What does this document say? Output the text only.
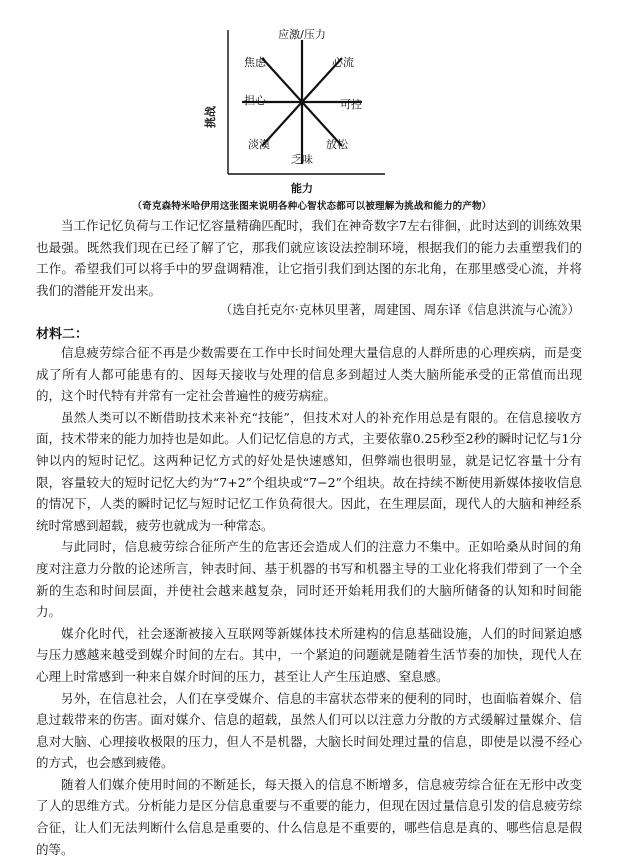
应激/压力
焦虑	心流
担心	可控
淡漠	放松
乏味
挑战
能力
（奇克森特米哈伊用这张图来说明各种心智状态都可以被理解为挑战和能力的产物）

当工作记忆负荷与工作记忆容量精确匹配时，我们在神奇数字7左右徘徊，此时达到的训练效果也最强。既然我们现在已经了解了它，那我们就应该设法控制环境，根据我们的能力去重塑我们的工作。希望我们可以将手中的罗盘调精准，让它指引我们到达图的东北角，在那里感受心流，并将我们的潜能开发出来。

（选自托克尔·克林贝里著，周建国、周东译《信息洪流与心流》）
材料二：

信息疲劳综合征不再是少数需要在工作中长时间处理大量信息的人群所患的心理疾病，而是变成了所有人都可能患有的、因每天接收与处理的信息多到超过人类大脑所能承受的正常值而出现的，这个时代特有并常有一定社会普遍性的疲劳病症。

虽然人类可以不断借助技术来补充“技能”，但技术对人的补充作用总是有限的。在信息接收方面，技术带来的能力加持也是如此。人们记忆信息的方式，主要依靠0.25秒至2秒的瞬时记忆与1分钟以内的短时记忆。这两种记忆方式的好处是快速感知，但弊端也很明显，就是记忆容量十分有限，容量较大的短时记忆大约为“7+2”个组块或“7−2”个组块。故在持续不断使用新媒体接收信息的情况下，人类的瞬时记忆与短时记忆工作负荷很大。因此，在生理层面，现代人的大脑和神经系统时常感到超载，疲劳也就成为一种常态。

与此同时，信息疲劳综合征所产生的危害还会造成人们的注意力不集中。正如哈桑从时间的角度对注意力分散的论述所言，钟表时间、基于机器的书写和机器主导的工业化将我们带到了一个全新的生态和时间层面，并使社会越来越复杂，同时还开始耗用我们的大脑所储备的认知和时间能力。

媒介化时代，社会逐渐被接入互联网等新媒体技术所建构的信息基础设施，人们的时间紧迫感与压力感越来越受到媒介时间的左右。其中，一个紧迫的问题就是随着生活节奏的加快，现代人在心理上时常感到一种来自媒介时间的压力，甚至让人产生压迫感、窒息感。

另外，在信息社会，人们在享受媒介、信息的丰富状态带来的便利的同时，也面临着媒介、信息过载带来的伤害。面对媒介、信息的超载，虽然人们可以以注意力分散的方式缓解过量媒介、信息对大脑、心理接收极限的压力，但人不是机器，大脑长时间处理过量的信息，即使是以漫不经心的方式，也会感到疲倦。

随着人们媒介使用时间的不断延长，每天摄入的信息不断增多，信息疲劳综合征在无形中改变了人的思维方式。分析能力是区分信息重要与不重要的能力，但现在因过量信息引发的信息疲劳综合征，让人们无法判断什么信息是重要的、什么信息是不重要的，哪些信息是真的、哪些信息是假的等。
